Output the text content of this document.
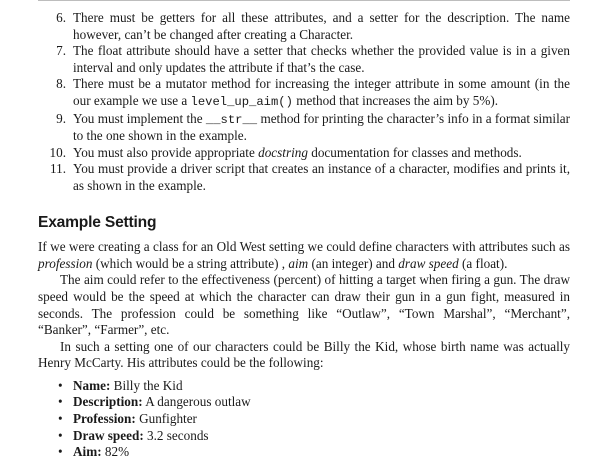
6. There must be getters for all these attributes, and a setter for the description. The name however, can’t be changed after creating a Character.
7. The float attribute should have a setter that checks whether the provided value is in a given interval and only updates the attribute if that’s the case.
8. There must be a mutator method for increasing the integer attribute in some amount (in the our example we use a level_up_aim() method that increases the aim by 5%).
9. You must implement the __str__ method for printing the character’s info in a format similar to the one shown in the example.
10. You must also provide appropriate docstring documentation for classes and methods.
11. You must provide a driver script that creates an instance of a character, modifies and prints it, as shown in the example.
Example Setting

If we were creating a class for an Old West setting we could define characters with attributes such as profession (which would be a string attribute) , aim (an integer) and draw speed (a float).

The aim could refer to the effectiveness (percent) of hitting a target when firing a gun. The draw speed would be the speed at which the character can draw their gun in a gun fight, measured in seconds. The profession could be something like “Outlaw”, “Town Marshal”, “Merchant”, “Banker”, “Farmer”, etc.

In such a setting one of our characters could be Billy the Kid, whose birth name was actually Henry McCarty. His attributes could be the following:

• Name: Billy the Kid
• Description: A dangerous outlaw
• Profession: Gunfighter
• Draw speed: 3.2 seconds
• Aim: 82%
